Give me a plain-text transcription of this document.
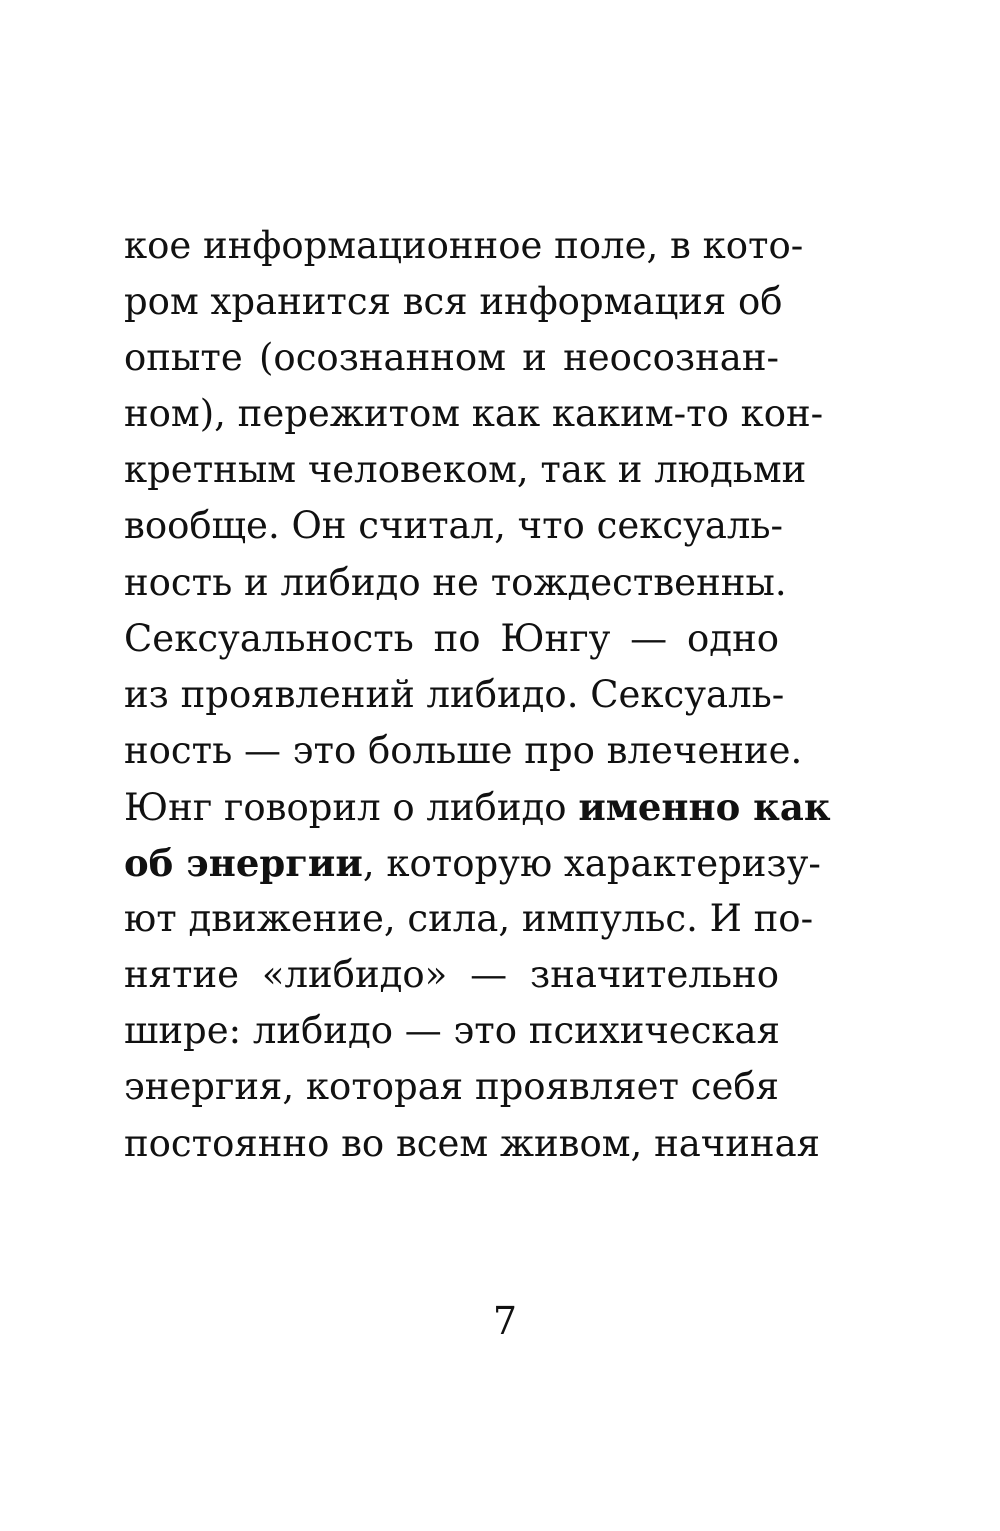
кое информационное поле, в кото-
ром хранится вся информация об
опыте (осознанном и неосознан-
ном), пережитом как каким-то кон-
кретным человеком, так и людьми
вообще. Он считал, что сексуаль-
ность и либидо не тождественны.
Сексуальность по Юнгу — одно
из проявлений либидо. Сексуаль-
ность — это больше про влечение.
Юнг говорил о либидо именно как
об энергии, которую характеризу-
ют движение, сила, импульс. И по-
нятие «либидо» — значительно
шире: либидо — это психическая
энергия, которая проявляет себя
постоянно во всем живом, начиная
7
